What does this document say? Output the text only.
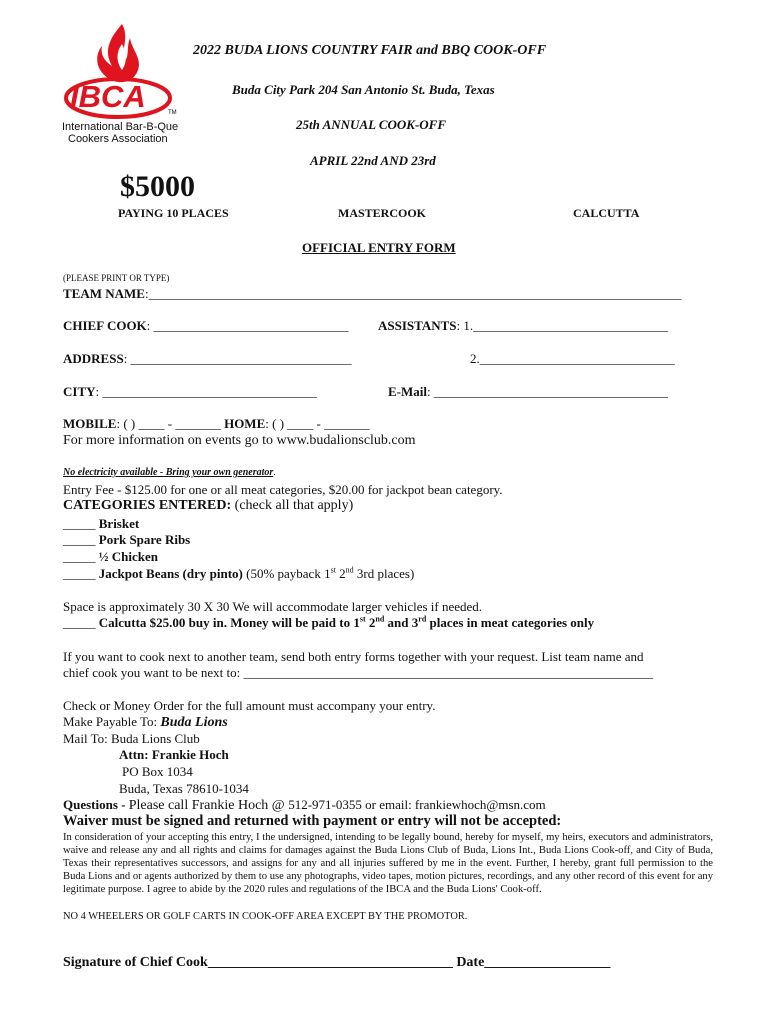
IBCA	TM
International Bar-B-Que
Cookers Association
2022 BUDA LIONS COUNTRY FAIR and BBQ COOK-OFF
Buda City Park 204 San Antonio St. Buda, Texas
25th ANNUAL COOK-OFF
APRIL 22nd AND 23rd
$5000
PAYING 10 PLACES	MASTERCOOK	CALCUTTA
OFFICIAL ENTRY FORM
(PLEASE PRINT OR TYPE)
TEAM NAME:__________________________________________________________________________________
CHIEF COOK: ______________________________ ASSISTANTS: 1.______________________________
ADDRESS: __________________________________	2.______________________________
CITY: _________________________________	E-Mail: ____________________________________
MOBILE: ( ) ____ - _______ HOME: ( ) ____ - _______
For more information on events go to www.budalionsclub.com
No electricity available - Bring your own generator.
Entry Fee - $125.00 for one or all meat categories, $20.00 for jackpot bean category.
CATEGORIES ENTERED: (check all that apply)
_____ Brisket
_____ Pork Spare Ribs
_____ ½ Chicken
_____ Jackpot Beans (dry pinto) (50% payback 1st 2nd 3rd places)
Space is approximately 30 X 30 We will accommodate larger vehicles if needed.
_____ Calcutta $25.00 buy in. Money will be paid to 1st 2nd and 3rd places in meat categories only
If you want to cook next to another team, send both entry forms together with your request. List team name and
chief cook you want to be next to: _______________________________________________________________
Check or Money Order for the full amount must accompany your entry.
Make Payable To: Buda Lions
Mail To: Buda Lions Club
Attn: Frankie Hoch
PO Box 1034
Buda, Texas 78610-1034
Questions - Please call Frankie Hoch @ 512-971-0355 or email: frankiewhoch@msn.com
Waiver must be signed and returned with payment or entry will not be accepted:
In consideration of your accepting this entry, I the undersigned, intending to be legally bound, hereby for myself, my heirs, executors and administrators, waive and release any and all rights and claims for damages against the Buda Lions Club of Buda, Lions Int., Buda Lions Cook-off, and City of Buda, Texas their representatives successors, and assigns for any and all injuries suffered by me in the event. Further, I hereby, grant full permission to the Buda Lions and or agents authorized by them to use any photographs, video tapes, motion pictures, recordings, and any other record of this event for any legitimate purpose. I agree to abide by the 2020 rules and regulations of the IBCA and the Buda Lions' Cook-off.
NO 4 WHEELERS OR GOLF CARTS IN COOK-OFF AREA EXCEPT BY THE PROMOTOR.
Signature of Chief Cook___________________________________ Date__________________
